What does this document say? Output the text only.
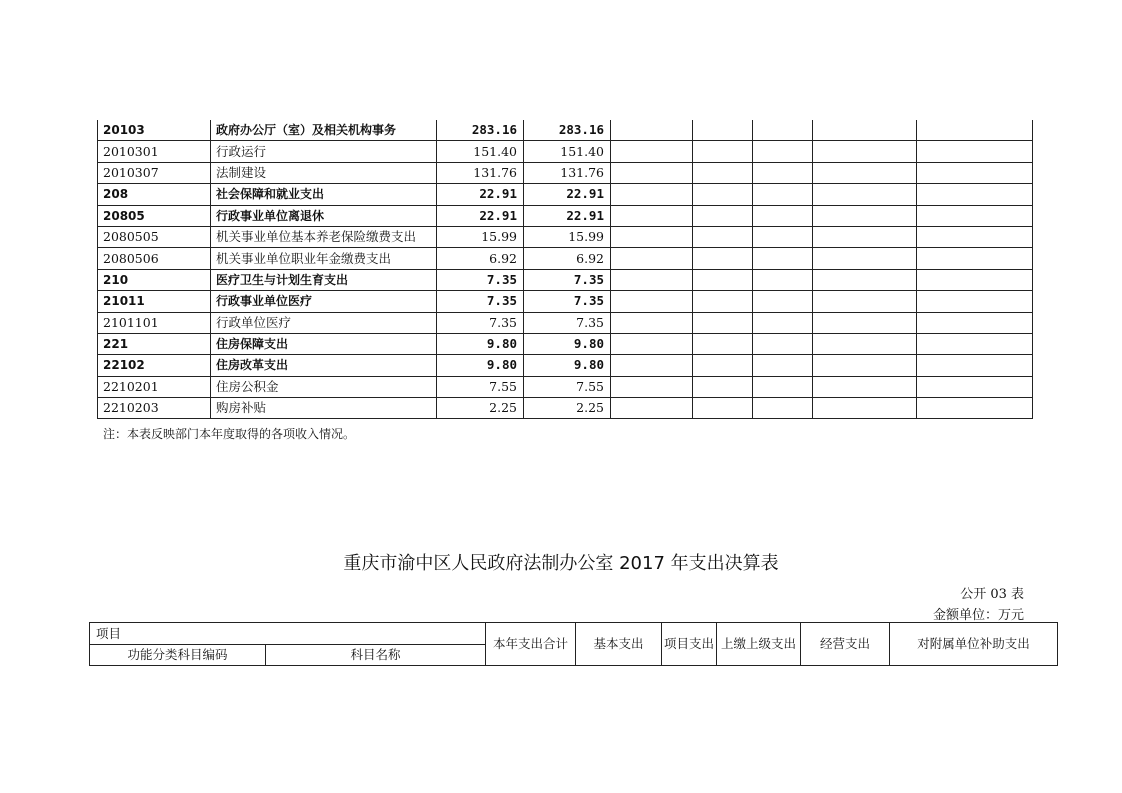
20103	政府办公厅（室）及相关机构事务	283.16	283.16					
2010301	行政运行	151.40	151.40					
2010307	法制建设	131.76	131.76					
208	社会保障和就业支出	22.91	22.91					
20805	行政事业单位离退休	22.91	22.91					
2080505	机关事业单位基本养老保险缴费支出	15.99	15.99					
2080506	机关事业单位职业年金缴费支出	6.92	6.92					
210	医疗卫生与计划生育支出	7.35	7.35					
21011	行政事业单位医疗	7.35	7.35					
2101101	行政单位医疗	7.35	7.35					
221	住房保障支出	9.80	9.80					
22102	住房改革支出	9.80	9.80					
2210201	住房公积金	7.55	7.55					
2210203	购房补贴	2.25	2.25					
注：本表反映部门本年度取得的各项收入情况。
重庆市渝中区人民政府法制办公室 2017 年支出决算表
公开 03 表
金额单位：万元
项目		本年支出合计	基本支出	项目支出	上缴上级支出	经营支出	对附属单位补助支出
功能分类科目编码	科目名称						
